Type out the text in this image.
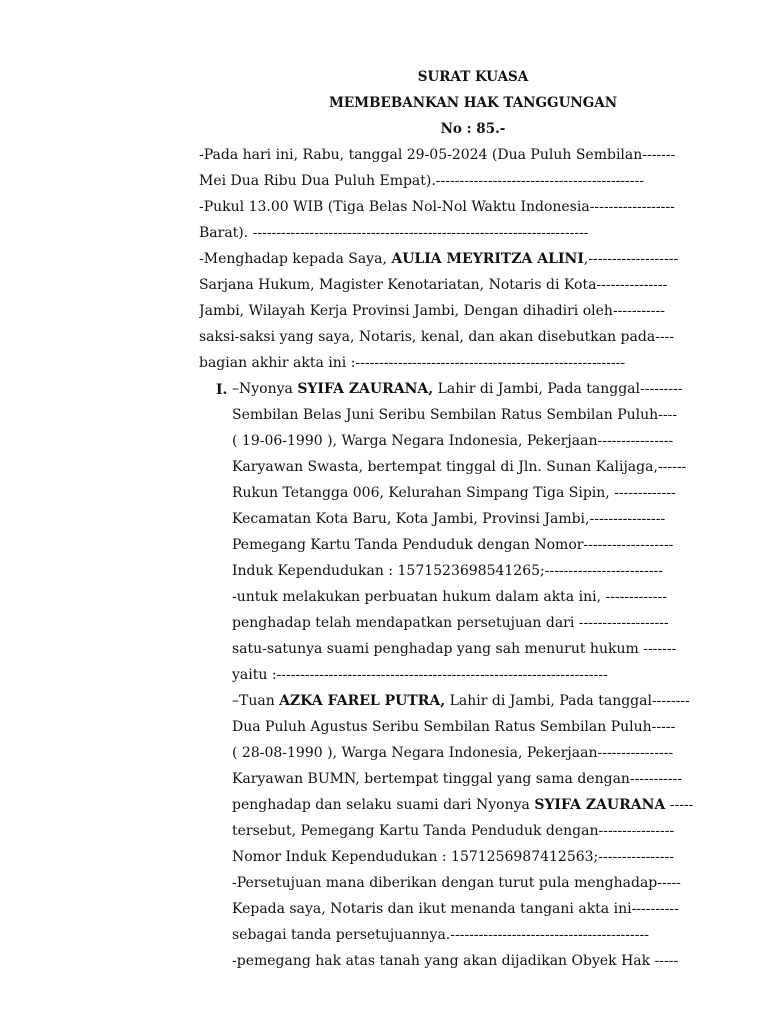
SURAT KUASA
MEMBEBANKAN HAK TANGGUNGAN
No : 85.-
-Pada hari ini, Rabu, tanggal 29-05-2024 (Dua Puluh Sembilan-------
Mei Dua Ribu Dua Puluh Empat).--------------------------------------------
-Pukul 13.00 WIB (Tiga Belas Nol-Nol Waktu Indonesia------------------
Barat). -----------------------------------------------------------------------
-Menghadap kepada Saya, AULIA MEYRITZA ALINI,-------------------
Sarjana Hukum, Magister Kenotariatan, Notaris di Kota---------------
Jambi, Wilayah Kerja Provinsi Jambi, Dengan dihadiri oleh-----------
saksi-saksi yang saya, Notaris, kenal, dan akan disebutkan pada----
bagian akhir akta ini :---------------------------------------------------------
I. –Nyonya SYIFA ZAURANA, Lahir di Jambi, Pada tanggal---------
Sembilan Belas Juni Seribu Sembilan Ratus Sembilan Puluh----
( 19-06-1990 ), Warga Negara Indonesia, Pekerjaan----------------
Karyawan Swasta, bertempat tinggal di Jln. Sunan Kalijaga,------
Rukun Tetangga 006, Kelurahan Simpang Tiga Sipin, -------------
Kecamatan Kota Baru, Kota Jambi, Provinsi Jambi,----------------
Pemegang Kartu Tanda Penduduk dengan Nomor-------------------
Induk Kependudukan : 1571523698541265;-------------------------
-untuk melakukan perbuatan hukum dalam akta ini, -------------
penghadap telah mendapatkan persetujuan dari -------------------
satu-satunya suami penghadap yang sah menurut hukum -------
yaitu :----------------------------------------------------------------------
–Tuan AZKA FAREL PUTRA, Lahir di Jambi, Pada tanggal--------
Dua Puluh Agustus Seribu Sembilan Ratus Sembilan Puluh-----
( 28-08-1990 ), Warga Negara Indonesia, Pekerjaan----------------
Karyawan BUMN, bertempat tinggal yang sama dengan-----------
penghadap dan selaku suami dari Nyonya SYIFA ZAURANA -----
tersebut, Pemegang Kartu Tanda Penduduk dengan----------------
Nomor Induk Kependudukan : 1571256987412563;----------------
-Persetujuan mana diberikan dengan turut pula menghadap-----
Kepada saya, Notaris dan ikut menanda tangani akta ini----------
sebagai tanda persetujuannya.------------------------------------------
-pemegang hak atas tanah yang akan dijadikan Obyek Hak -----
